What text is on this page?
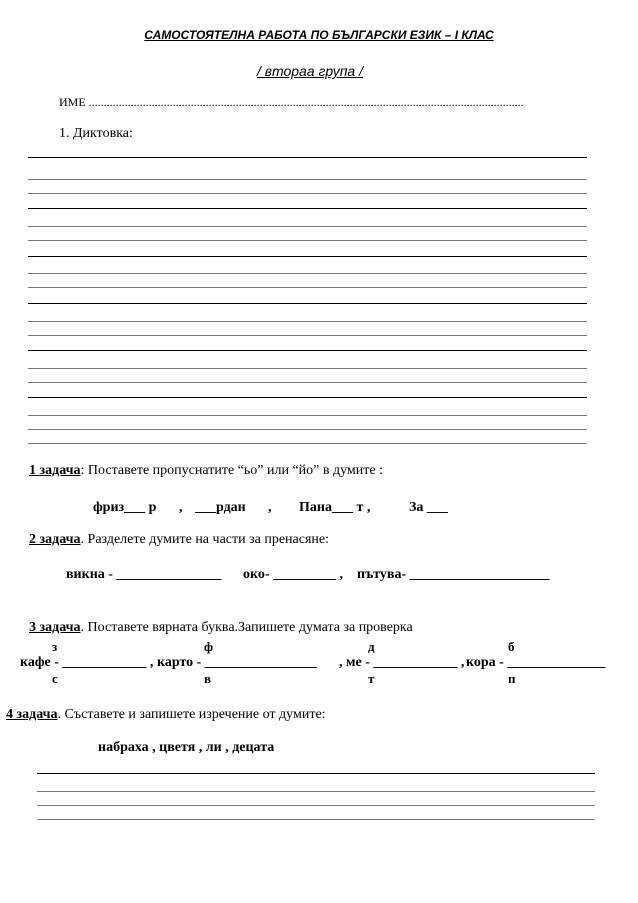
САМОСТОЯТЕЛНА РАБОТА ПО БЪЛГАРСКИ ЕЗИК – I КЛАС
/ втораа група /
ИМЕ .................................................................................................................................................
1. Диктовка:
1 задача: Поставете пропуснатите “ьо” или “йо” в думите :
фриз___ р , ___рдан , Пана___ т ,	За ___
2 задача. Разделете думите на части за пренасяне:
викна - _______________ око- _________ , пътува- ____________________
3 задача. Поставете вярната буква.Запишете думата за проверка
з	ф	д	б
кафе - ____________ , карто - ________________ , ме - ____________ , кора - ______________
с	в	т	п
4 задача. Съставете и запишете изречение от думите:
набраха , цветя , ли , децата
